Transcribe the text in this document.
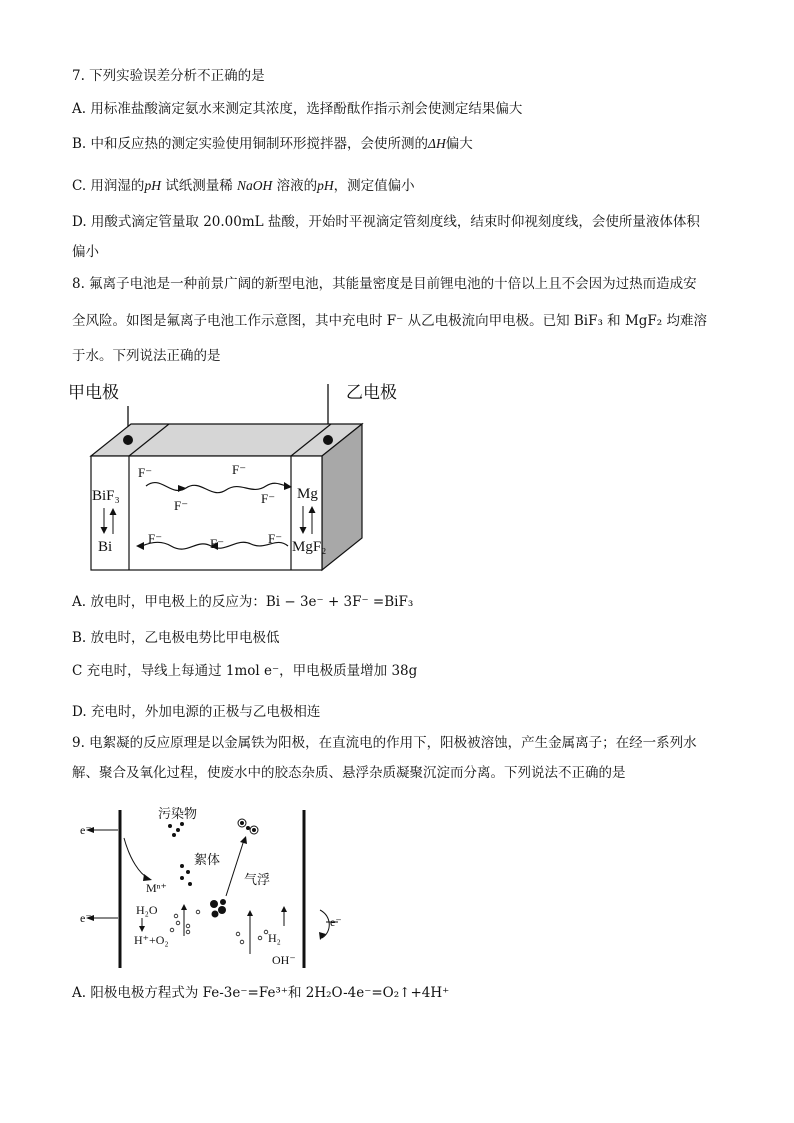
7. 下列实验误差分析不正确的是
A. 用标准盐酸滴定氨水来测定其浓度，选择酚酞作指示剂会使测定结果偏大
B. 中和反应热的测定实验使用铜制环形搅拌器，会使所测的ΔH偏大
C. 用润湿的pH 试纸测量稀 NaOH 溶液的pH，测定值偏小
D. 用酸式滴定管量取 20.00mL 盐酸，开始时平视滴定管刻度线，结束时仰视刻度线，会使所量液体体积
偏小
8. 氟离子电池是一种前景广阔的新型电池，其能量密度是目前锂电池的十倍以上且不会因为过热而造成安
全风险。如图是氟离子电池工作示意图，其中充电时 F⁻ 从乙电极流向甲电极。已知 BiF₃ 和 MgF₂ 均难溶
于水。下列说法正确的是
甲电极	乙电极
BiF₃
Bi
Mg
MgF₂
F⁻	F⁻
F⁻	F⁻
F⁻	F⁻	F⁻
A. 放电时，甲电极上的反应为：Bi − 3e⁻ + 3F⁻ =BiF₃
B. 放电时，乙电极电势比甲电极低
C 充电时，导线上每通过 1mol e⁻，甲电极质量增加 38g
D. 充电时，外加电源的正极与乙电极相连
9. 电絮凝的反应原理是以金属铁为阳极，在直流电的作用下，阳极被溶蚀，产生金属离子；在经一系列水
解、聚合及氧化过程，使废水中的胶态杂质、悬浮杂质凝聚沉淀而分离。下列说法不正确的是
e⁻
e⁻	e⁻
Mⁿ⁺
污染物
絮体
气浮
H₂O
H⁺+O₂	H₂
OH⁻
A. 阳极电极方程式为 Fe-3e⁻=Fe³⁺和 2H₂O-4e⁻=O₂↑+4H⁺
